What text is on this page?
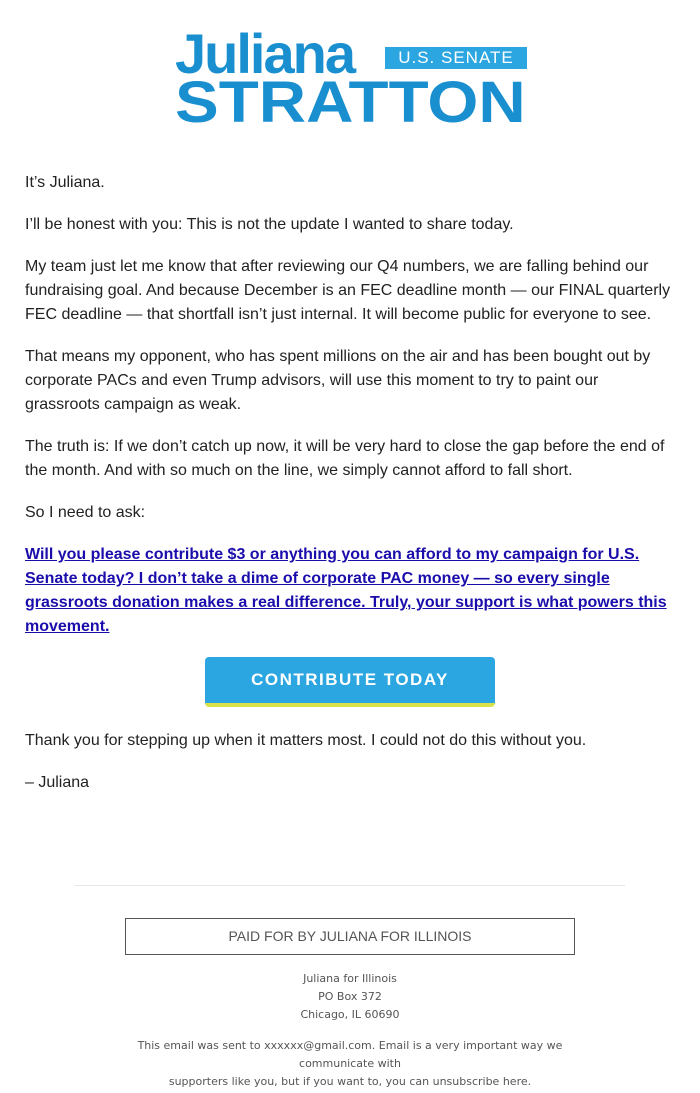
Juliana	U.S. SENATE
STRATTON

It’s Juliana.

I’ll be honest with you: This is not the update I wanted to share today.

My team just let me know that after reviewing our Q4 numbers, we are falling behind our fundraising goal. And because December is an FEC deadline month — our FINAL quarterly FEC deadline — that shortfall isn’t just internal. It will become public for everyone to see.

That means my opponent, who has spent millions on the air and has been bought out by corporate PACs and even Trump advisors, will use this moment to try to paint our grassroots campaign as weak.

The truth is: If we don’t catch up now, it will be very hard to close the gap before the end of the month. And with so much on the line, we simply cannot afford to fall short.

So I need to ask:

Will you please contribute $3 or anything you can afford to my campaign for U.S. Senate today? I don’t take a dime of corporate PAC money — so every single grassroots donation makes a real difference. Truly, your support is what powers this movement.
CONTRIBUTE TODAY

Thank you for stepping up when it matters most. I could not do this without you.

– Juliana

PAID FOR BY JULIANA FOR ILLINOIS
Juliana for Illinois
PO Box 372
Chicago, IL 60690
This email was sent to xxxxxx@gmail.com. Email is a very important way we communicate with
supporters like you, but if you want to, you can unsubscribe here.
